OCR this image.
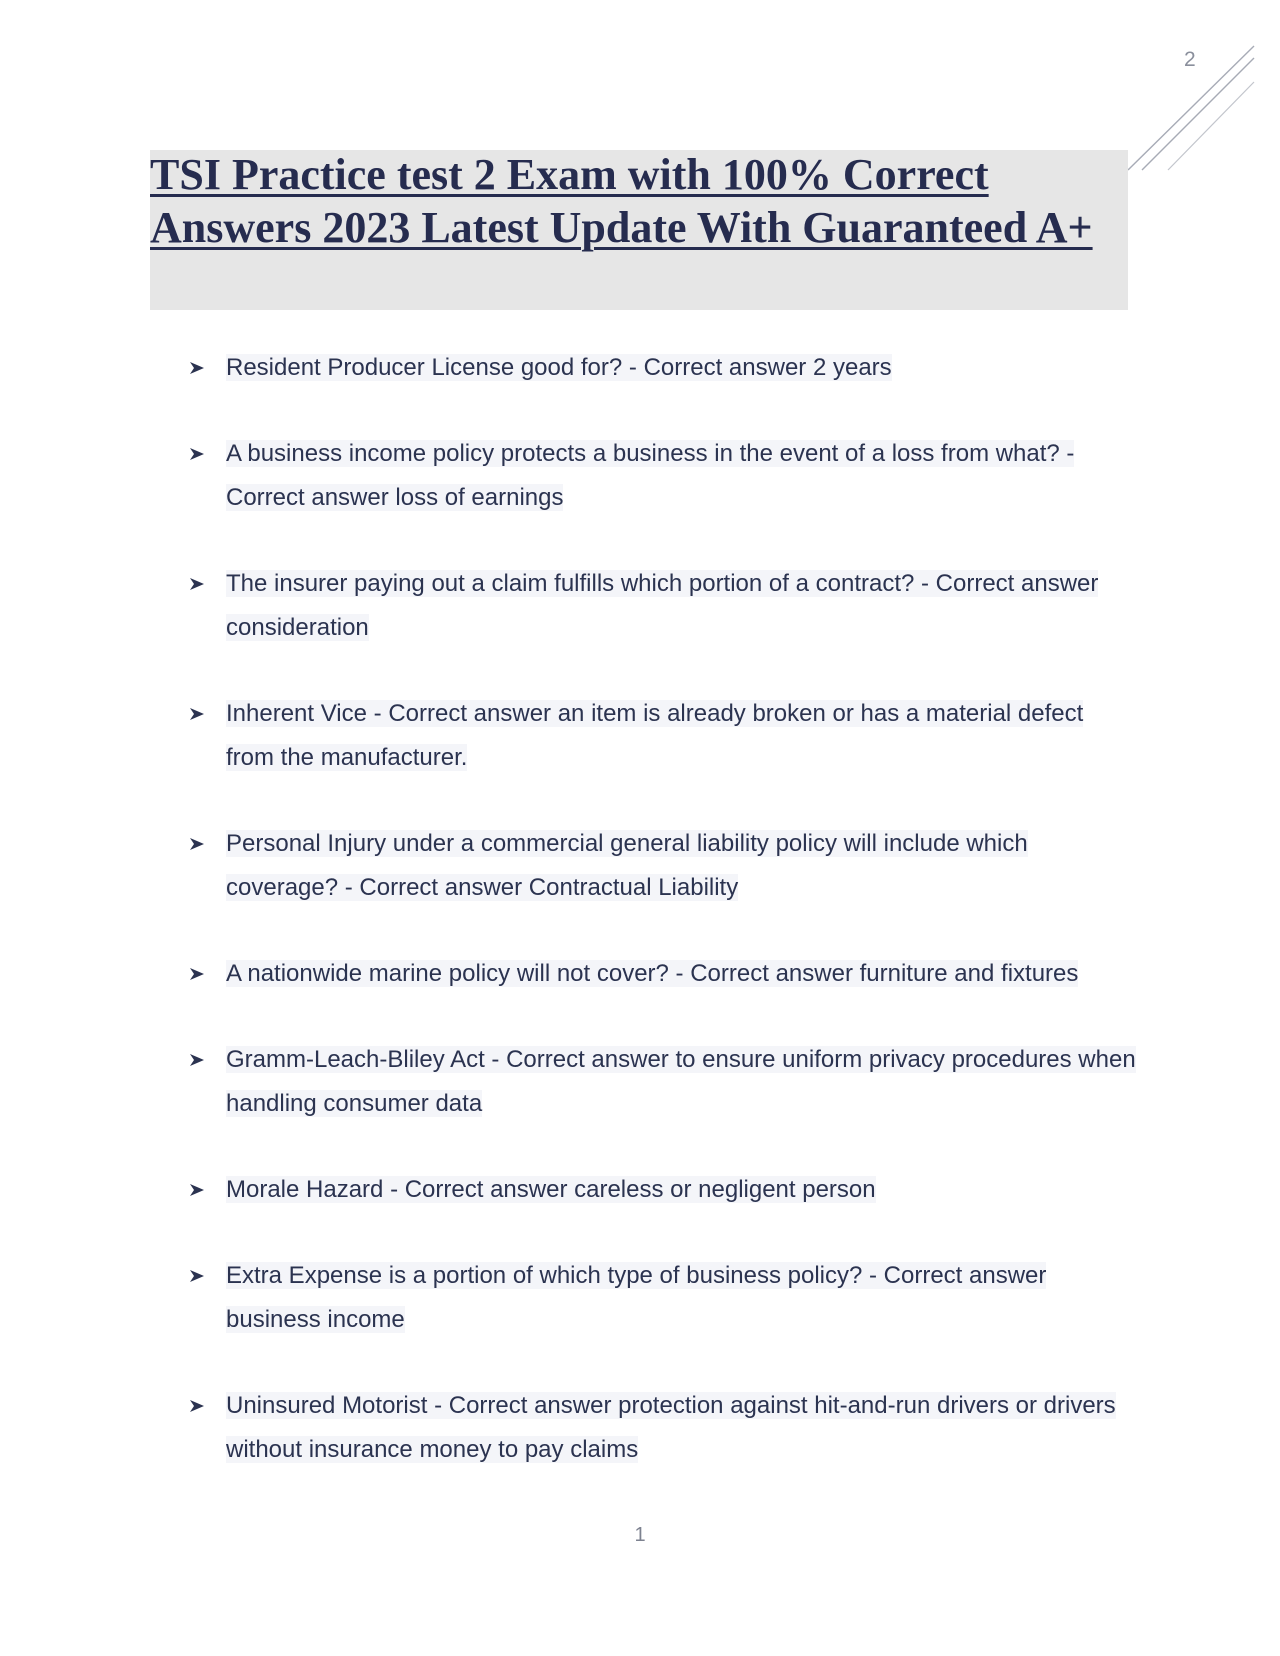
2
TSI Practice test 2 Exam with 100% Correct Answers 2023 Latest Update With Guaranteed A+
Resident Producer License good for? - Correct answer 2 years
A business income policy protects a business in the event of a loss from what? - Correct answer loss of earnings
The insurer paying out a claim fulfills which portion of a contract? - Correct answer consideration
Inherent Vice - Correct answer an item is already broken or has a material defect from the manufacturer.
Personal Injury under a commercial general liability policy will include which coverage? - Correct answer Contractual Liability
A nationwide marine policy will not cover? - Correct answer furniture and fixtures
Gramm-Leach-Bliley Act - Correct answer to ensure uniform privacy procedures when handling consumer data
Morale Hazard - Correct answer careless or negligent person
Extra Expense is a portion of which type of business policy? - Correct answer business income
Uninsured Motorist - Correct answer protection against hit-and-run drivers or drivers without insurance money to pay claims
1
